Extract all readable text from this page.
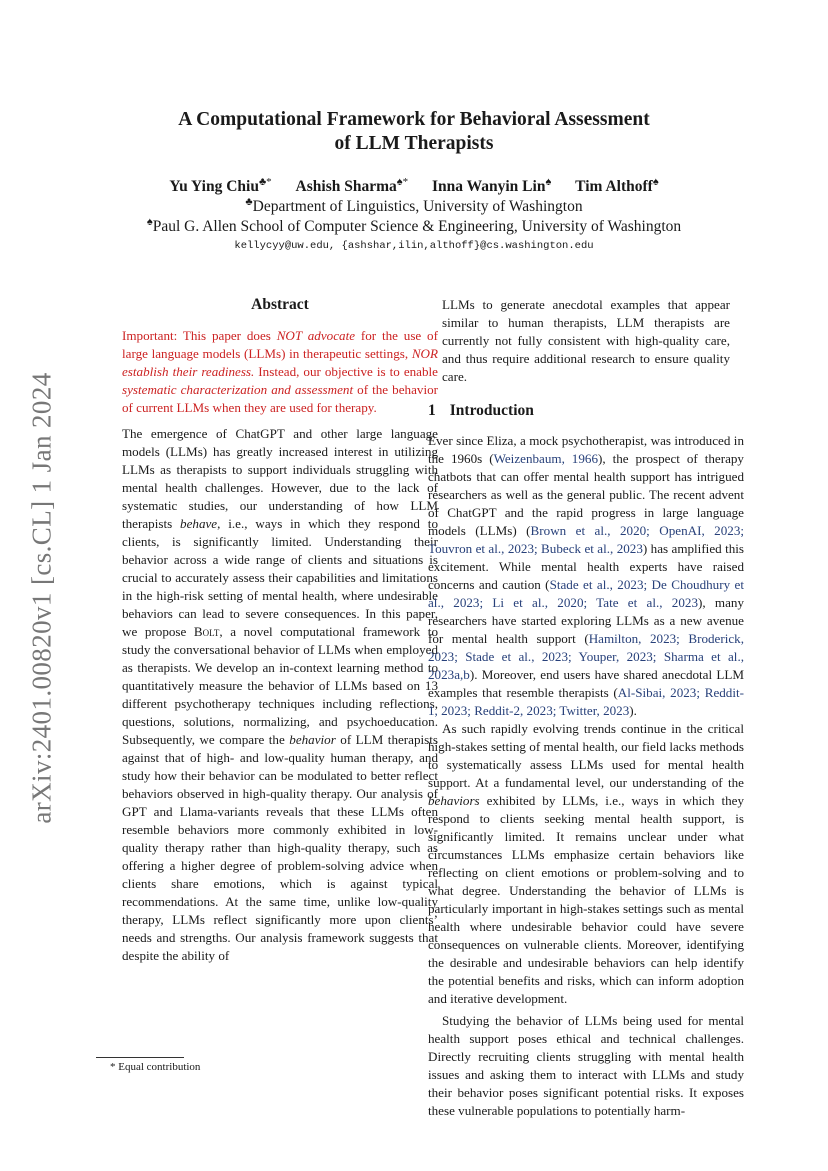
arXiv:2401.00820v1 [cs.CL] 1 Jan 2024
A Computational Framework for Behavioral Assessment
of LLM Therapists
Yu Ying Chiu♣* Ashish Sharma♠* Inna Wanyin Lin♠ Tim Althoff♠
♣Department of Linguistics, University of Washington
♠Paul G. Allen School of Computer Science & Engineering, University of Washington
kellycyy@uw.edu, {ashshar,ilin,althoff}@cs.washington.edu

Abstract

Important: This paper does NOT advocate for the use of large language models (LLMs) in therapeutic settings, NOR establish their readiness. Instead, our objective is to enable systematic characterization and assessment of the behavior of current LLMs when they are used for therapy.

The emergence of ChatGPT and other large language models (LLMs) has greatly increased interest in utilizing LLMs as therapists to support individuals struggling with mental health challenges. However, due to the lack of systematic studies, our understanding of how LLM therapists behave, i.e., ways in which they respond to clients, is significantly limited. Understanding their behavior across a wide range of clients and situations is crucial to accurately assess their capabilities and limitations in the high-risk setting of mental health, where undesirable behaviors can lead to severe consequences. In this paper, we propose Bolt, a novel computational framework to study the conversational behavior of LLMs when employed as therapists. We develop an in-context learning method to quantitatively measure the behavior of LLMs based on 13 different psychotherapy techniques including reflections, questions, solutions, normalizing, and psychoeducation. Subsequently, we compare the behavior of LLM therapists against that of high- and low-quality human therapy, and study how their behavior can be modulated to better reflect behaviors observed in high-quality therapy. Our analysis of GPT and Llama-variants reveals that these LLMs often resemble behaviors more commonly exhibited in low-quality therapy rather than high-quality therapy, such as offering a higher degree of problem-solving advice when clients share emotions, which is against typical recommendations. At the same time, unlike low-quality therapy, LLMs reflect significantly more upon clients’ needs and strengths. Our analysis framework suggests that despite the ability of

LLMs to generate anecdotal examples that appear similar to human therapists, LLM therapists are currently not fully consistent with high-quality care, and thus require additional research to ensure quality care.

1 Introduction

Ever since Eliza, a mock psychotherapist, was introduced in the 1960s (Weizenbaum, 1966), the prospect of therapy chatbots that can offer mental health support has intrigued researchers as well as the general public. The recent advent of ChatGPT and the rapid progress in large language models (LLMs) (Brown et al., 2020; OpenAI, 2023; Touvron et al., 2023; Bubeck et al., 2023) has amplified this excitement. While mental health experts have raised concerns and caution (Stade et al., 2023; De Choudhury et al., 2023; Li et al., 2020; Tate et al., 2023), many researchers have started exploring LLMs as a new avenue for mental health support (Hamilton, 2023; Broderick, 2023; Stade et al., 2023; Youper, 2023; Sharma et al., 2023a,b). Moreover, end users have shared anecdotal LLM examples that resemble therapists (Al-Sibai, 2023; Reddit-1, 2023; Reddit-2, 2023; Twitter, 2023).

As such rapidly evolving trends continue in the critical high-stakes setting of mental health, our field lacks methods to systematically assess LLMs used for mental health support. At a fundamental level, our understanding of the behaviors exhibited by LLMs, i.e., ways in which they respond to clients seeking mental health support, is significantly limited. It remains unclear under what circumstances LLMs emphasize certain behaviors like reflecting on client emotions or problem-solving and to what degree. Understanding the behavior of LLMs is particularly important in high-stakes settings such as mental health where undesirable behavior could have severe consequences on vulnerable clients. Moreover, identifying the desirable and undesirable behaviors can help identify the potential benefits and risks, which can inform adoption and iterative development.

Studying the behavior of LLMs being used for mental health support poses ethical and technical challenges. Directly recruiting clients struggling with mental health issues and asking them to interact with LLMs and study their behavior poses significant potential risks. It exposes these vulnerable populations to potentially harm-

* Equal contribution
